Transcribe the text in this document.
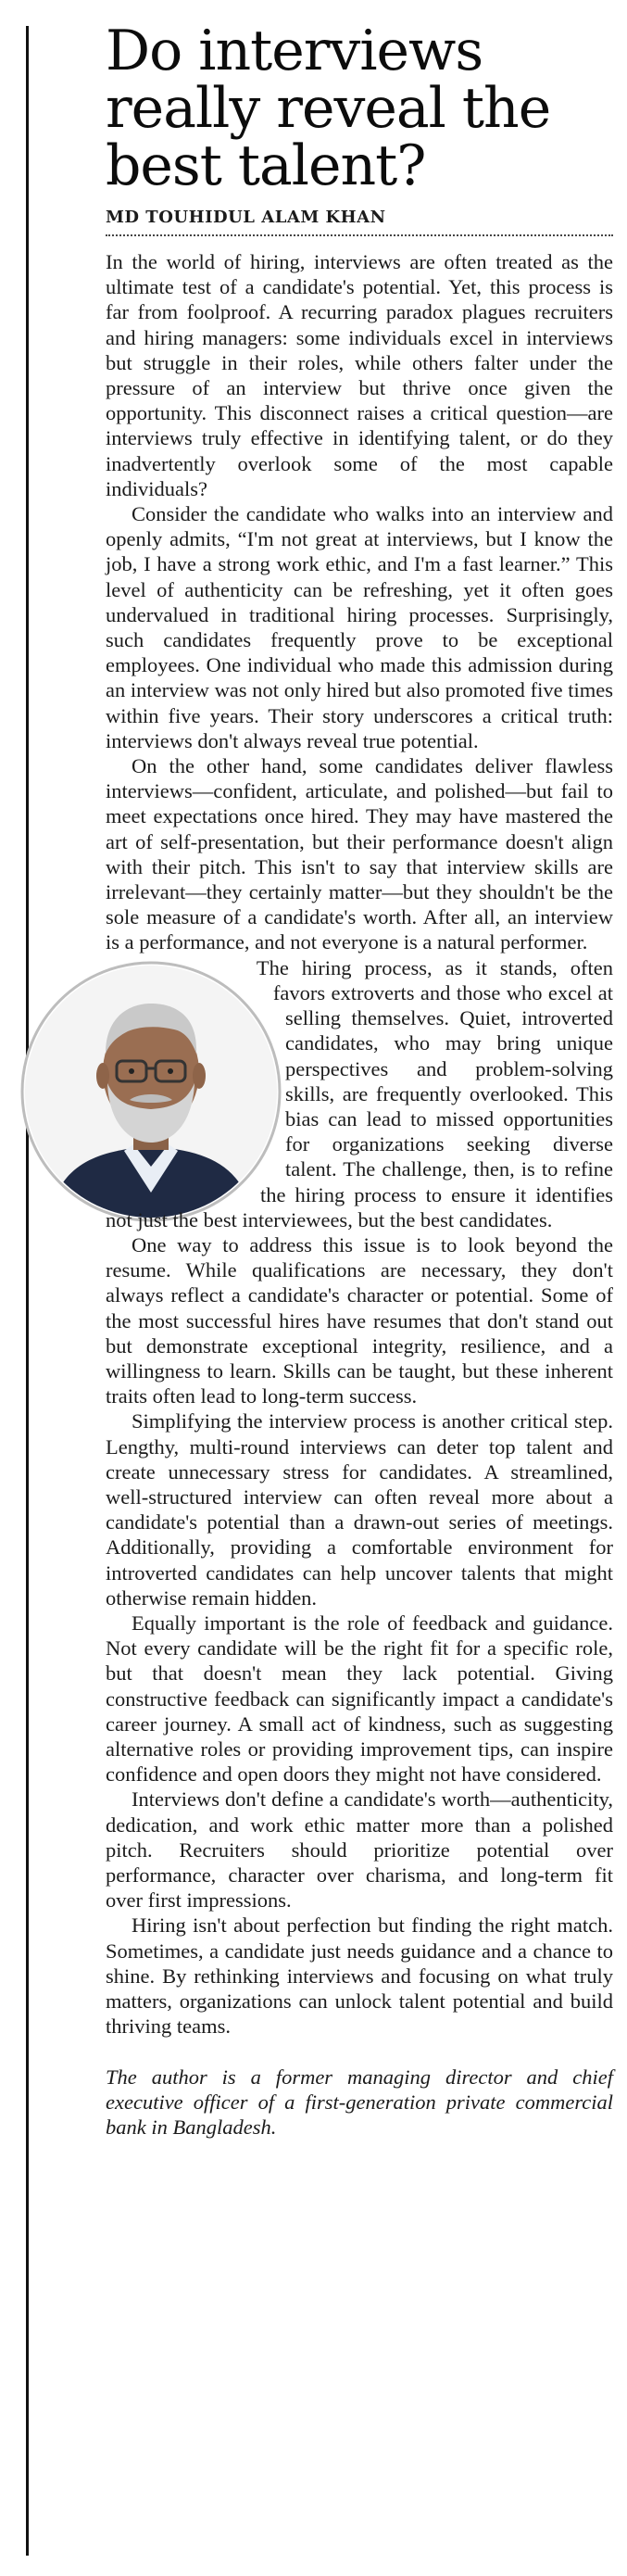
Do interviews really reveal the best talent?
MD TOUHIDUL ALAM KHAN

In the world of hiring, interviews are often treated as the ultimate test of a candidate's potential. Yet, this process is far from foolproof. A recurring paradox plagues recruiters and hiring managers: some individuals excel in interviews but struggle in their roles, while others falter under the pressure of an interview but thrive once given the opportunity. This disconnect raises a critical question—are interviews truly effective in identifying talent, or do they inadvertently overlook some of the most capable individuals?

Consider the candidate who walks into an interview and openly admits, “I'm not great at interviews, but I know the job, I have a strong work ethic, and I'm a fast learner.” This level of authenticity can be refreshing, yet it often goes undervalued in traditional hiring processes. Surprisingly, such candidates frequently prove to be exceptional employees. One individual who made this admission during an interview was not only hired but also promoted five times within five years. Their story underscores a critical truth: interviews don't always reveal true potential.

On the other hand, some candidates deliver flawless interviews—confident, articulate, and polished—but fail to meet expectations once hired. They may have mastered the art of self-presentation, but their performance doesn't align with their pitch. This isn't to say that interview skills are irrelevant—they certainly matter—but they shouldn't be the sole measure of a candidate's worth. After all, an interview is a performance, and not everyone is a natural performer.

The hiring process, as it stands, often favors extroverts and those who excel at selling themselves. Quiet, introverted candidates, who may bring unique perspectives and problem-solving skills, are frequently overlooked. This bias can lead to missed opportunities for organizations seeking diverse talent. The challenge, then, is to refine the hiring process to ensure it identifies not just the best interviewees, but the best candidates.

One way to address this issue is to look beyond the resume. While qualifications are necessary, they don't always reflect a candidate's character or potential. Some of the most successful hires have resumes that don't stand out but demonstrate exceptional integrity, resilience, and a willingness to learn. Skills can be taught, but these inherent traits often lead to long-term success.

Simplifying the interview process is another critical step. Lengthy, multi-round interviews can deter top talent and create unnecessary stress for candidates. A streamlined, well-structured interview can often reveal more about a candidate's potential than a drawn-out series of meetings. Additionally, providing a comfortable environment for introverted candidates can help uncover talents that might otherwise remain hidden.

Equally important is the role of feedback and guidance. Not every candidate will be the right fit for a specific role, but that doesn't mean they lack potential. Giving constructive feedback can significantly impact a candidate's career journey. A small act of kindness, such as suggesting alternative roles or providing improvement tips, can inspire confidence and open doors they might not have considered.

Interviews don't define a candidate's worth—authenticity, dedication, and work ethic matter more than a polished pitch. Recruiters should prioritize potential over performance, character over charisma, and long-term fit over first impressions.

Hiring isn't about perfection but finding the right match. Sometimes, a candidate just needs guidance and a chance to shine. By rethinking interviews and focusing on what truly matters, organizations can unlock talent potential and build thriving teams.

The author is a former managing director and chief executive officer of a first-generation private commercial bank in Bangladesh.
